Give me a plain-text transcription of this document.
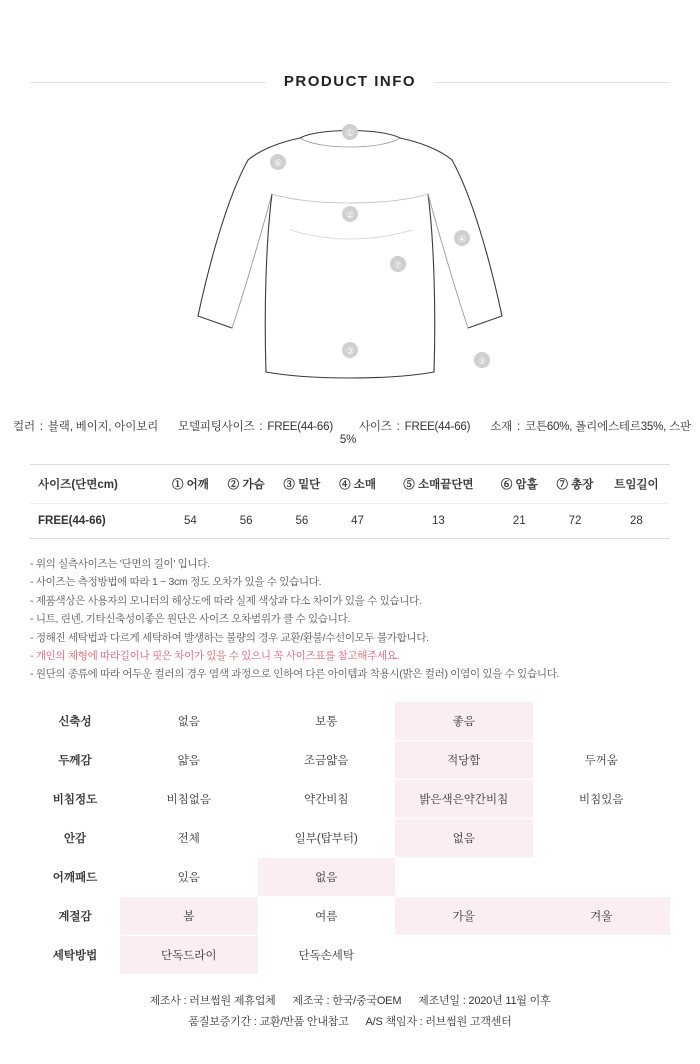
PRODUCT INFO
①
②
③
④
⑤
⑥
⑦
컬러 : 블랙, 베이지, 아이보리 모델피팅사이즈 : FREE(44-66) 사이즈 : FREE(44-66) 소재 : 코튼60%, 폴리에스테르35%, 스판5%
사이즈(단면cm)	① 어깨	② 가슴	③ 밑단	④ 소매	⑤ 소매끝단면	⑥ 암홀	⑦ 총장	트임길이
FREE(44-66)	54	56	56	47	13	21	72	28
- 위의 실측사이즈는 '단면의 길이' 입니다.
- 사이즈는 측정방법에 따라 1 ~ 3cm 정도 오차가 있을 수 있습니다.
- 제품색상은 사용자의 모니터의 해상도에 따라 실제 색상과 다소 차이가 있을 수 있습니다.
- 니트, 린넨, 기타신축성이좋은 원단은 사이즈 오차범위가 클 수 있습니다.
- 정해진 세탁법과 다르게 세탁하여 발생하는 불량의 경우 교환/환불/수선이모두 불가합니다.
- 개인의 체형에 따라길이나 핏은 차이가 있을 수 있으니 꼭 사이즈표를 참고해주세요.
- 원단의 종류에 따라 어두운 컬러의 경우 염색 과정으로 인하여 다른 아이템과 착용시(밝은 컬러) 이염이 있을 수 있습니다.
신축성	없음	보통	좋음	
두께감	얇음	조금얇음	적당함	두꺼움
비침정도	비침없음	약간비침	밝은색은약간비침	비침있음
안감	전체	일부(탑부터)	없음	
어깨패드	있음	없음		
계절감	봄	여름	가을	겨울
세탁방법	단독드라이	단독손세탁		
제조사 : 러브썸원 제휴업체 제조국 : 한국/중국OEM 제조년일 : 2020년 11월 이후
품질보증기간 : 교환/반품 안내참고 A/S 책임자 : 러브썸원 고객센터
